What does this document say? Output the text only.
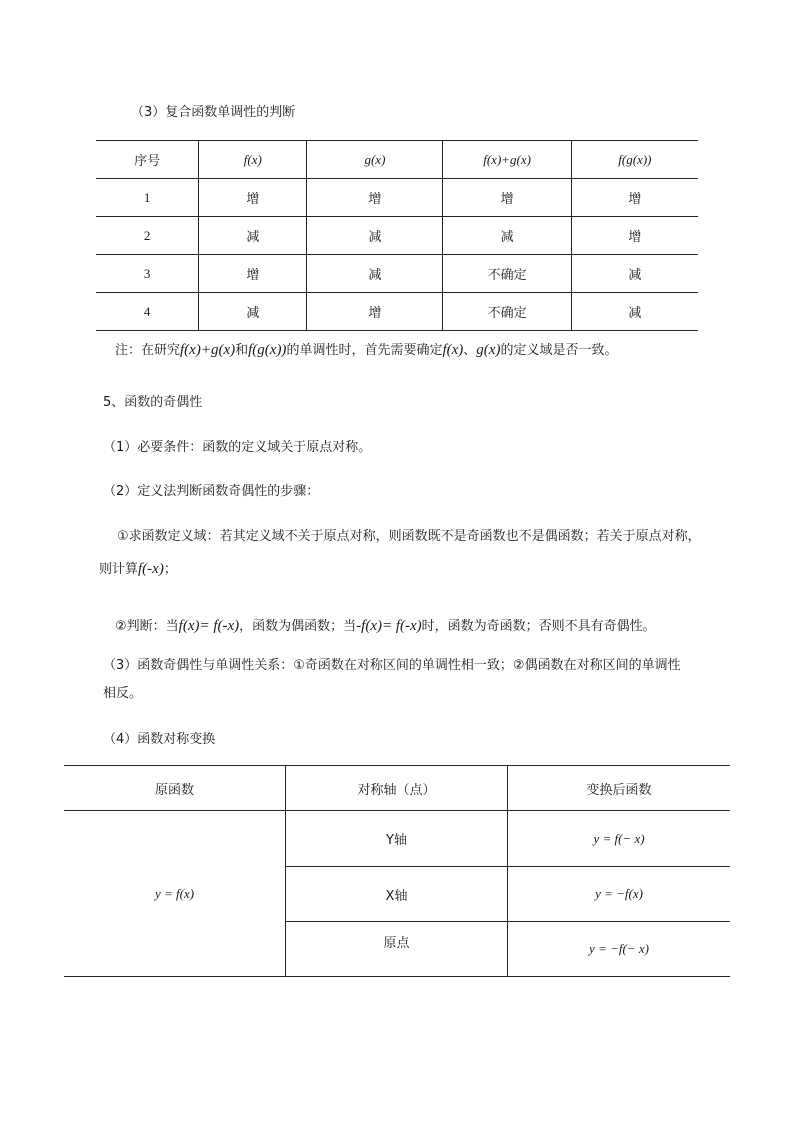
（3）复合函数单调性的判断
序号	f(x)	g(x)	f(x)+g(x)	f(g(x))
1	增	增	增	增
2	减	减	减	增
3	增	减	不确定	减
4	减	增	不确定	减
注：在研究f(x)+g(x)和f(g(x))的单调性时，首先需要确定f(x)、g(x)的定义域是否一致。
5、函数的奇偶性
（1）必要条件：函数的定义域关于原点对称。
（2）定义法判断函数奇偶性的步骤：
①求函数定义域：若其定义域不关于原点对称，则函数既不是奇函数也不是偶函数；若关于原点对称，
则计算f(-x)；
②判断：当f(x)= f(-x)，函数为偶函数；当-f(x)= f(-x)时，函数为奇函数；否则不具有奇偶性。
（3）函数奇偶性与单调性关系：①奇函数在对称区间的单调性相一致；②偶函数在对称区间的单调性
相反。
（4）函数对称变换
原函数	对称轴（点）	变换后函数
y = f(x)	Y轴	y = f(− x)
	X轴	y = −f(x)
	原点	y = −f(− x)
